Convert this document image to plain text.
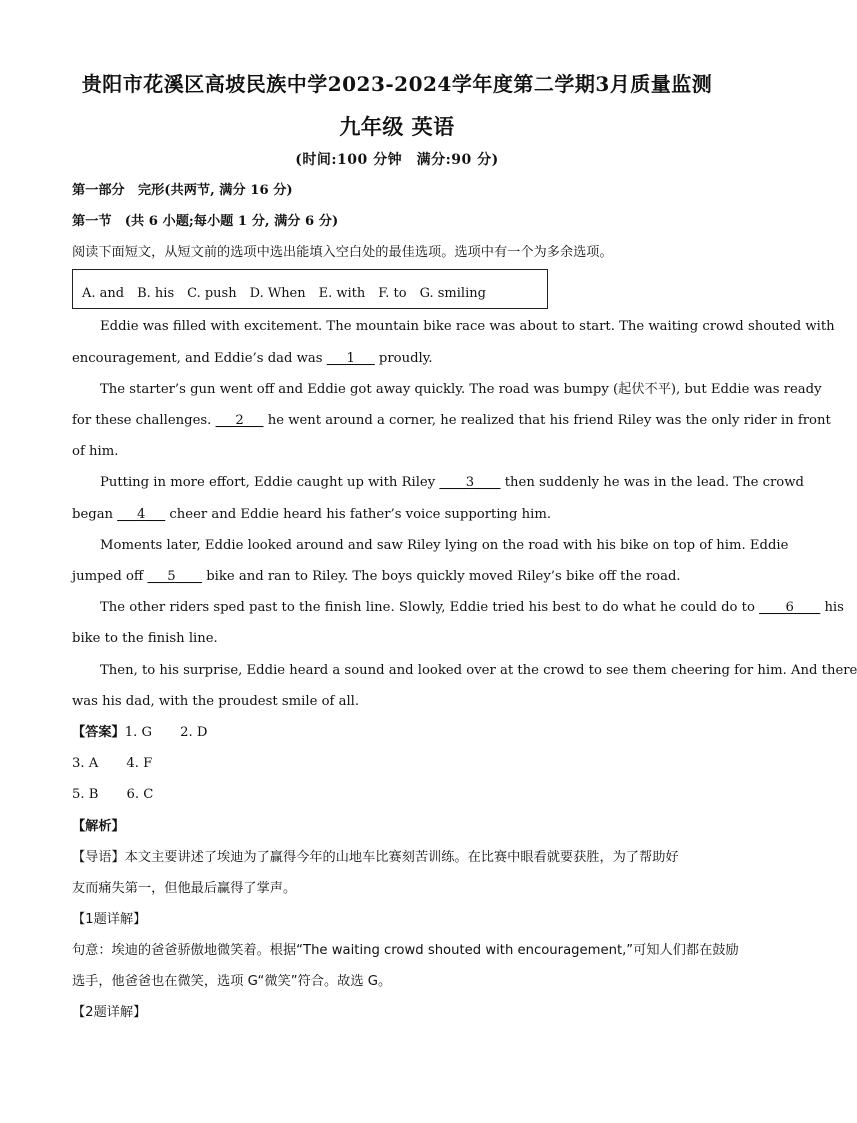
贵阳市花溪区高坡民族中学2023-2024学年度第二学期3月质量监测
九年级 英语
(时间:100 分钟　满分:90 分)
第一部分　完形(共两节, 满分 16 分)
第一节　(共 6 小题;每小题 1 分, 满分 6 分)
阅读下面短文，从短文前的选项中选出能填入空白处的最佳选项。选项中有一个为多余选项。
A. and　B. his　C. push　D. When　E. with　F. to　G. smiling
Eddie was filled with excitement. The mountain bike race was about to start. The waiting crowd shouted with
encouragement, and Eddie’s dad was ___1___ proudly.
The starter’s gun went off and Eddie got away quickly. The road was bumpy (起伏不平), but Eddie was ready
for these challenges. ___2___ he went around a corner, he realized that his friend Riley was the only rider in front
of him.
Putting in more effort, Eddie caught up with Riley ____3____ then suddenly he was in the lead. The crowd
began ___4___ cheer and Eddie heard his father’s voice supporting him.
Moments later, Eddie looked around and saw Riley lying on the road with his bike on top of him. Eddie
jumped off ___5____ bike and ran to Riley. The boys quickly moved Riley’s bike off the road.
The other riders sped past to the finish line. Slowly, Eddie tried his best to do what he could do to ____6____ his
bike to the finish line.
Then, to his surprise, Eddie heard a sound and looked over at the crowd to see them cheering for him. And there
was his dad, with the proudest smile of all.
【答案】1. G 2. D
3. A 4. F
5. B 6. C
【解析】
【导语】本文主要讲述了埃迪为了赢得今年的山地车比赛刻苦训练。在比赛中眼看就要获胜，为了帮助好
友而痛失第一，但他最后赢得了掌声。
【1题详解】
句意：埃迪的爸爸骄傲地微笑着。根据“The waiting crowd shouted with encouragement,”可知人们都在鼓励
选手，他爸爸也在微笑，选项 G“微笑”符合。故选 G。
【2题详解】
